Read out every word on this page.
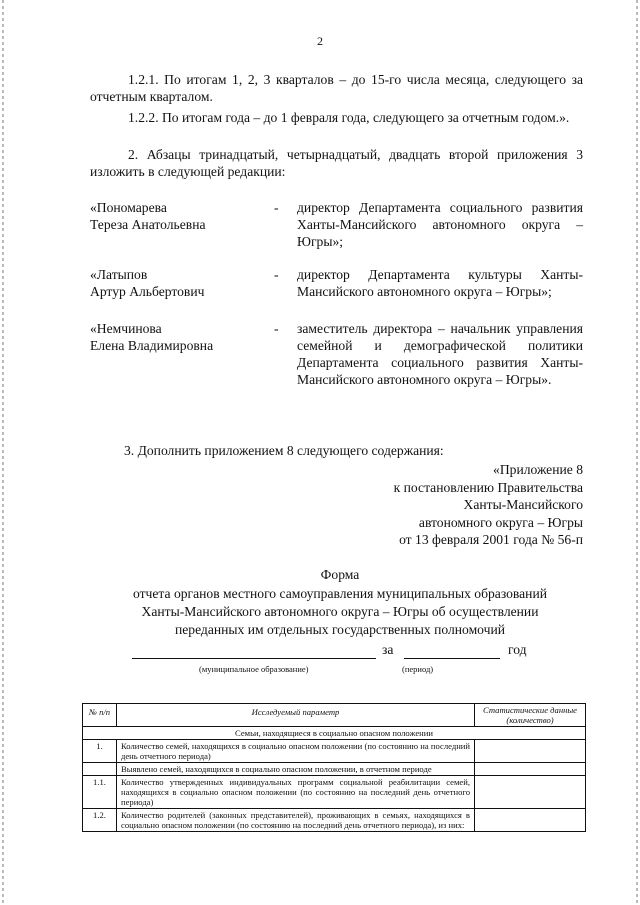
2
1.2.1. По итогам 1, 2, 3 кварталов – до 15-го числа месяца, следующего за отчетным кварталом.
1.2.2. По итогам года – до 1 февраля года, следующего за отчетным годом.».
2. Абзацы тринадцатый, четырнадцатый, двадцать второй приложения 3 изложить в следующей редакции:
«Пономарева
Тереза Анатольевна
- директор Департамента социального развития Ханты-Мансийского автономного округа – Югры»;
«Латыпов
Артур Альбертович
- директор Департамента культуры Ханты-Мансийского автономного округа – Югры»;
«Немчинова
Елена Владимировна
- заместитель директора – начальник управления семейной и демографической политики Департамента социального развития Ханты-Мансийского автономного округа – Югры».
3. Дополнить приложением 8 следующего содержания:
«Приложение 8
к постановлению Правительства
Ханты-Мансийского
автономного округа – Югры
от 13 февраля 2001 года № 56-п
Форма
отчета органов местного самоуправления муниципальных образований
Ханты-Мансийского автономного округа – Югры об осуществлении
переданных им отдельных государственных полномочий
за	год
(муниципальное образование)	(период)
№ п/п	Исследуемый параметр	Статистические данные (количество)
Семьи, находящиеся в социально опасном положении		
1.	Количество семей, находящихся в социально опасном положении (по состоянию на последний день отчетного периода)	
	Выявлено семей, находящихся в социально опасном положении, в отчетном периоде	
1.1.	Количество утвержденных индивидуальных программ социальной реабилитации семей, находящихся в социально опасном положении (по состоянию на последний день отчетного периода)	
1.2.	Количество родителей (законных представителей), проживающих в семьях, находящихся в социально опасном положении (по состоянию на последний день отчетного периода), из них:	
